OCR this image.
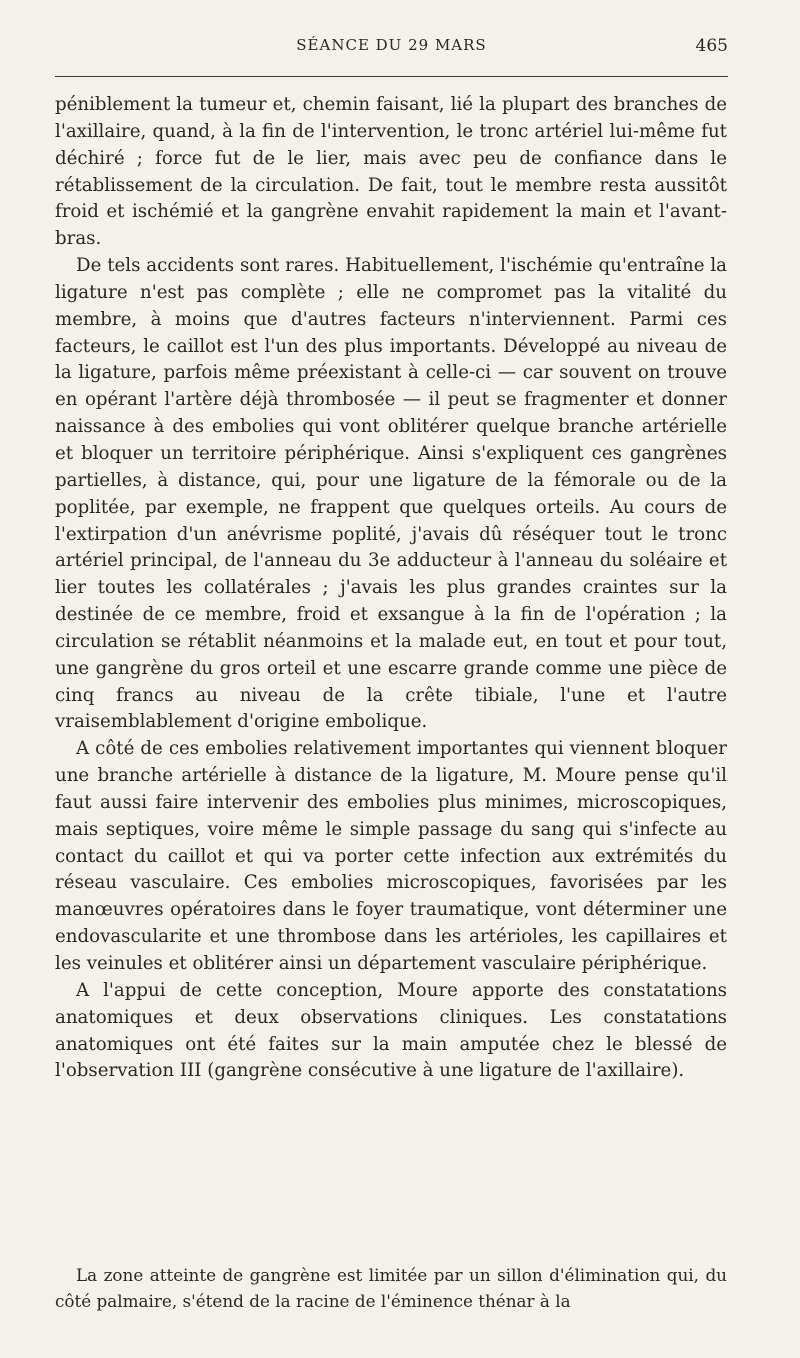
SÉANCE DU 29 MARS	465

péniblement la tumeur et, chemin faisant, lié la plupart des branches de l'axillaire, quand, à la fin de l'intervention, le tronc artériel lui-même fut déchiré ; force fut de le lier, mais avec peu de confiance dans le rétablissement de la circulation. De fait, tout le membre resta aussitôt froid et ischémié et la gangrène envahit rapidement la main et l'avant-bras.

De tels accidents sont rares. Habituellement, l'ischémie qu'entraîne la ligature n'est pas complète ; elle ne compromet pas la vitalité du membre, à moins que d'autres facteurs n'interviennent. Parmi ces facteurs, le caillot est l'un des plus importants. Développé au niveau de la ligature, parfois même préexistant à celle-ci — car souvent on trouve en opérant l'artère déjà thrombosée — il peut se fragmenter et donner naissance à des embolies qui vont oblitérer quelque branche artérielle et bloquer un territoire périphérique. Ainsi s'expliquent ces gangrènes partielles, à distance, qui, pour une ligature de la fémorale ou de la poplitée, par exemple, ne frappent que quelques orteils. Au cours de l'extirpation d'un anévrisme poplité, j'avais dû réséquer tout le tronc artériel principal, de l'anneau du 3e adducteur à l'anneau du soléaire et lier toutes les collatérales ; j'avais les plus grandes craintes sur la destinée de ce membre, froid et exsangue à la fin de l'opération ; la circulation se rétablit néanmoins et la malade eut, en tout et pour tout, une gangrène du gros orteil et une escarre grande comme une pièce de cinq francs au niveau de la crête tibiale, l'une et l'autre vraisemblablement d'origine embolique.

A côté de ces embolies relativement importantes qui viennent bloquer une branche artérielle à distance de la ligature, M. Moure pense qu'il faut aussi faire intervenir des embolies plus minimes, microscopiques, mais septiques, voire même le simple passage du sang qui s'infecte au contact du caillot et qui va porter cette infection aux extrémités du réseau vasculaire. Ces embolies microscopiques, favorisées par les manœuvres opératoires dans le foyer traumatique, vont déterminer une endovascularite et une thrombose dans les artérioles, les capillaires et les veinules et oblitérer ainsi un département vasculaire périphérique.

A l'appui de cette conception, Moure apporte des constatations anatomiques et deux observations cliniques. Les constatations anatomiques ont été faites sur la main amputée chez le blessé de l'observation III (gangrène consécutive à une ligature de l'axillaire).

La zone atteinte de gangrène est limitée par un sillon d'élimination qui, du côté palmaire, s'étend de la racine de l'éminence thénar à la
